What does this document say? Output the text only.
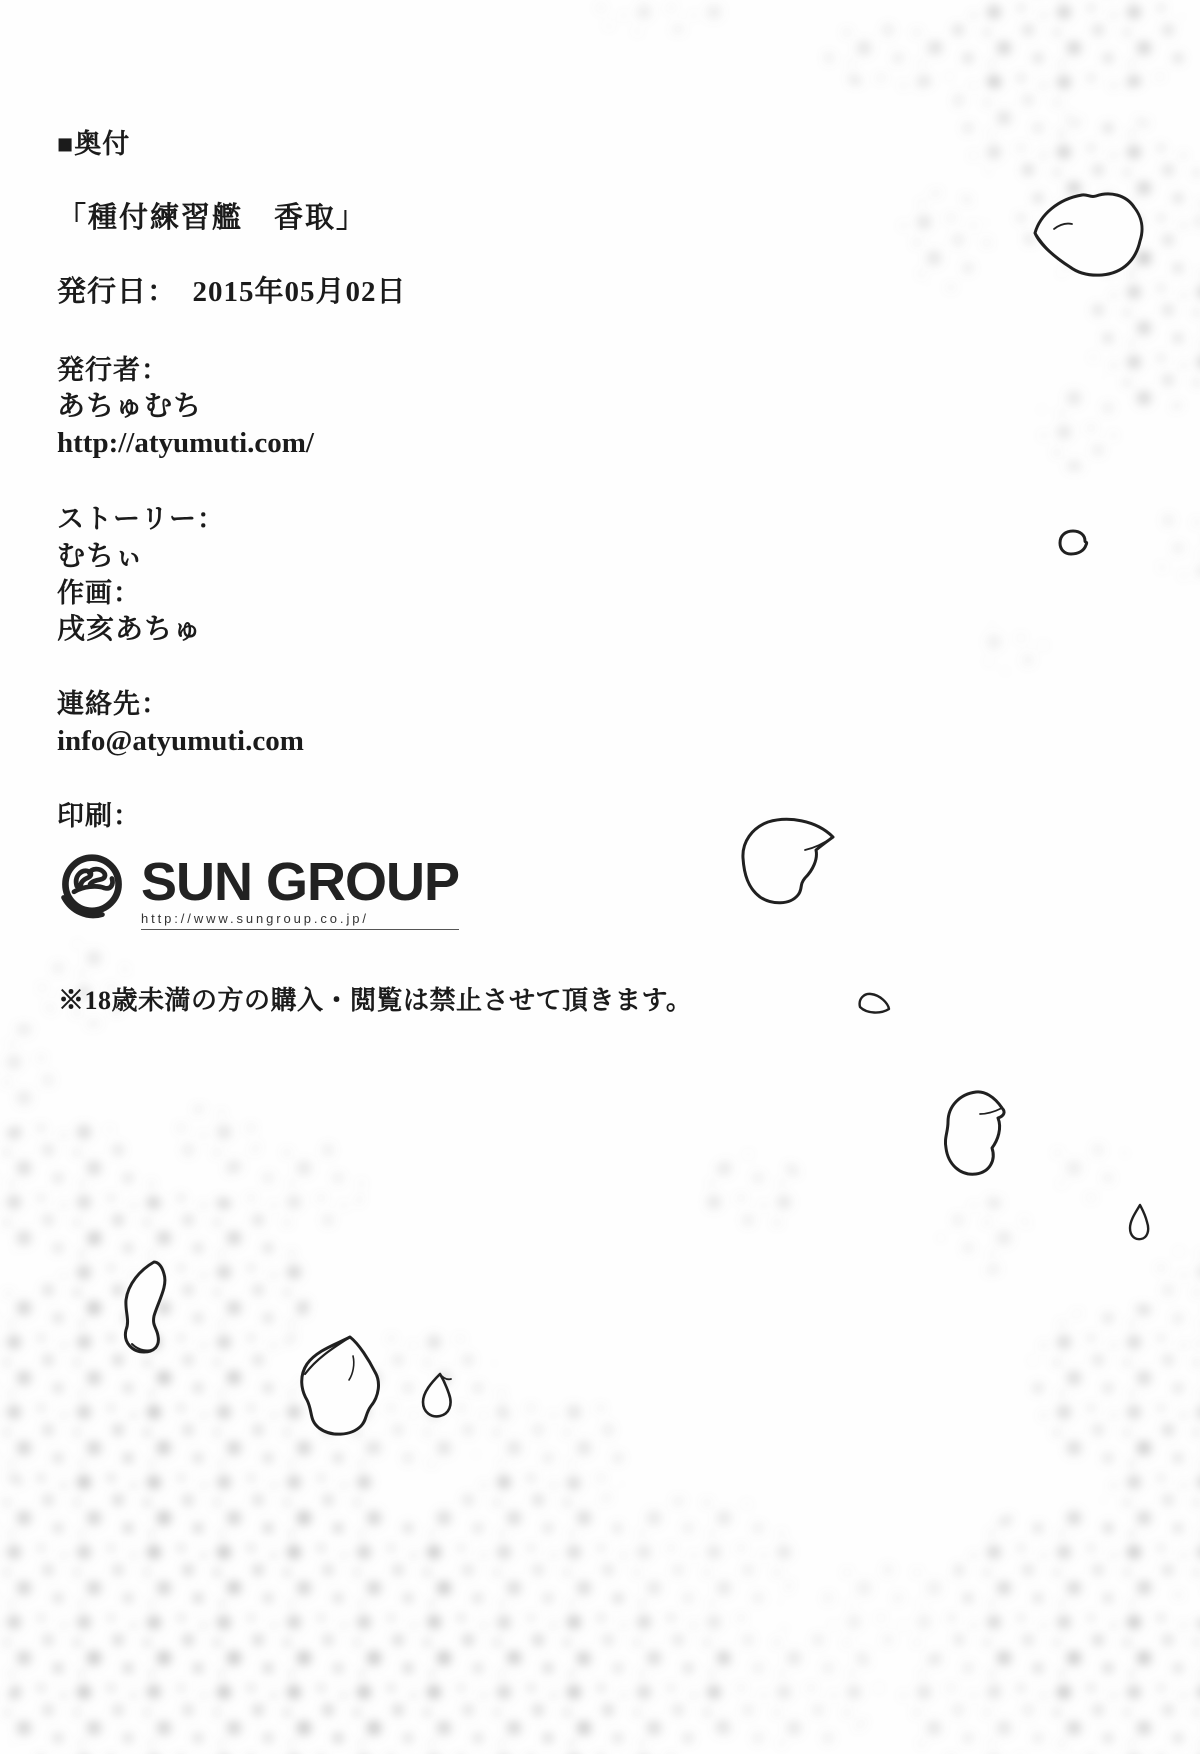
■奥付
「種付練習艦　香取」
発行日：　2015年05月02日
発行者：
あちゅむち
http://atyumuti.com/
ストーリー：
むちぃ
作画：
戌亥あちゅ
連絡先：
info@atyumuti.com
印刷：
SUN GROUP
http://www.sungroup.co.jp/
※18歳未満の方の購入・閲覧は禁止させて頂きます。
